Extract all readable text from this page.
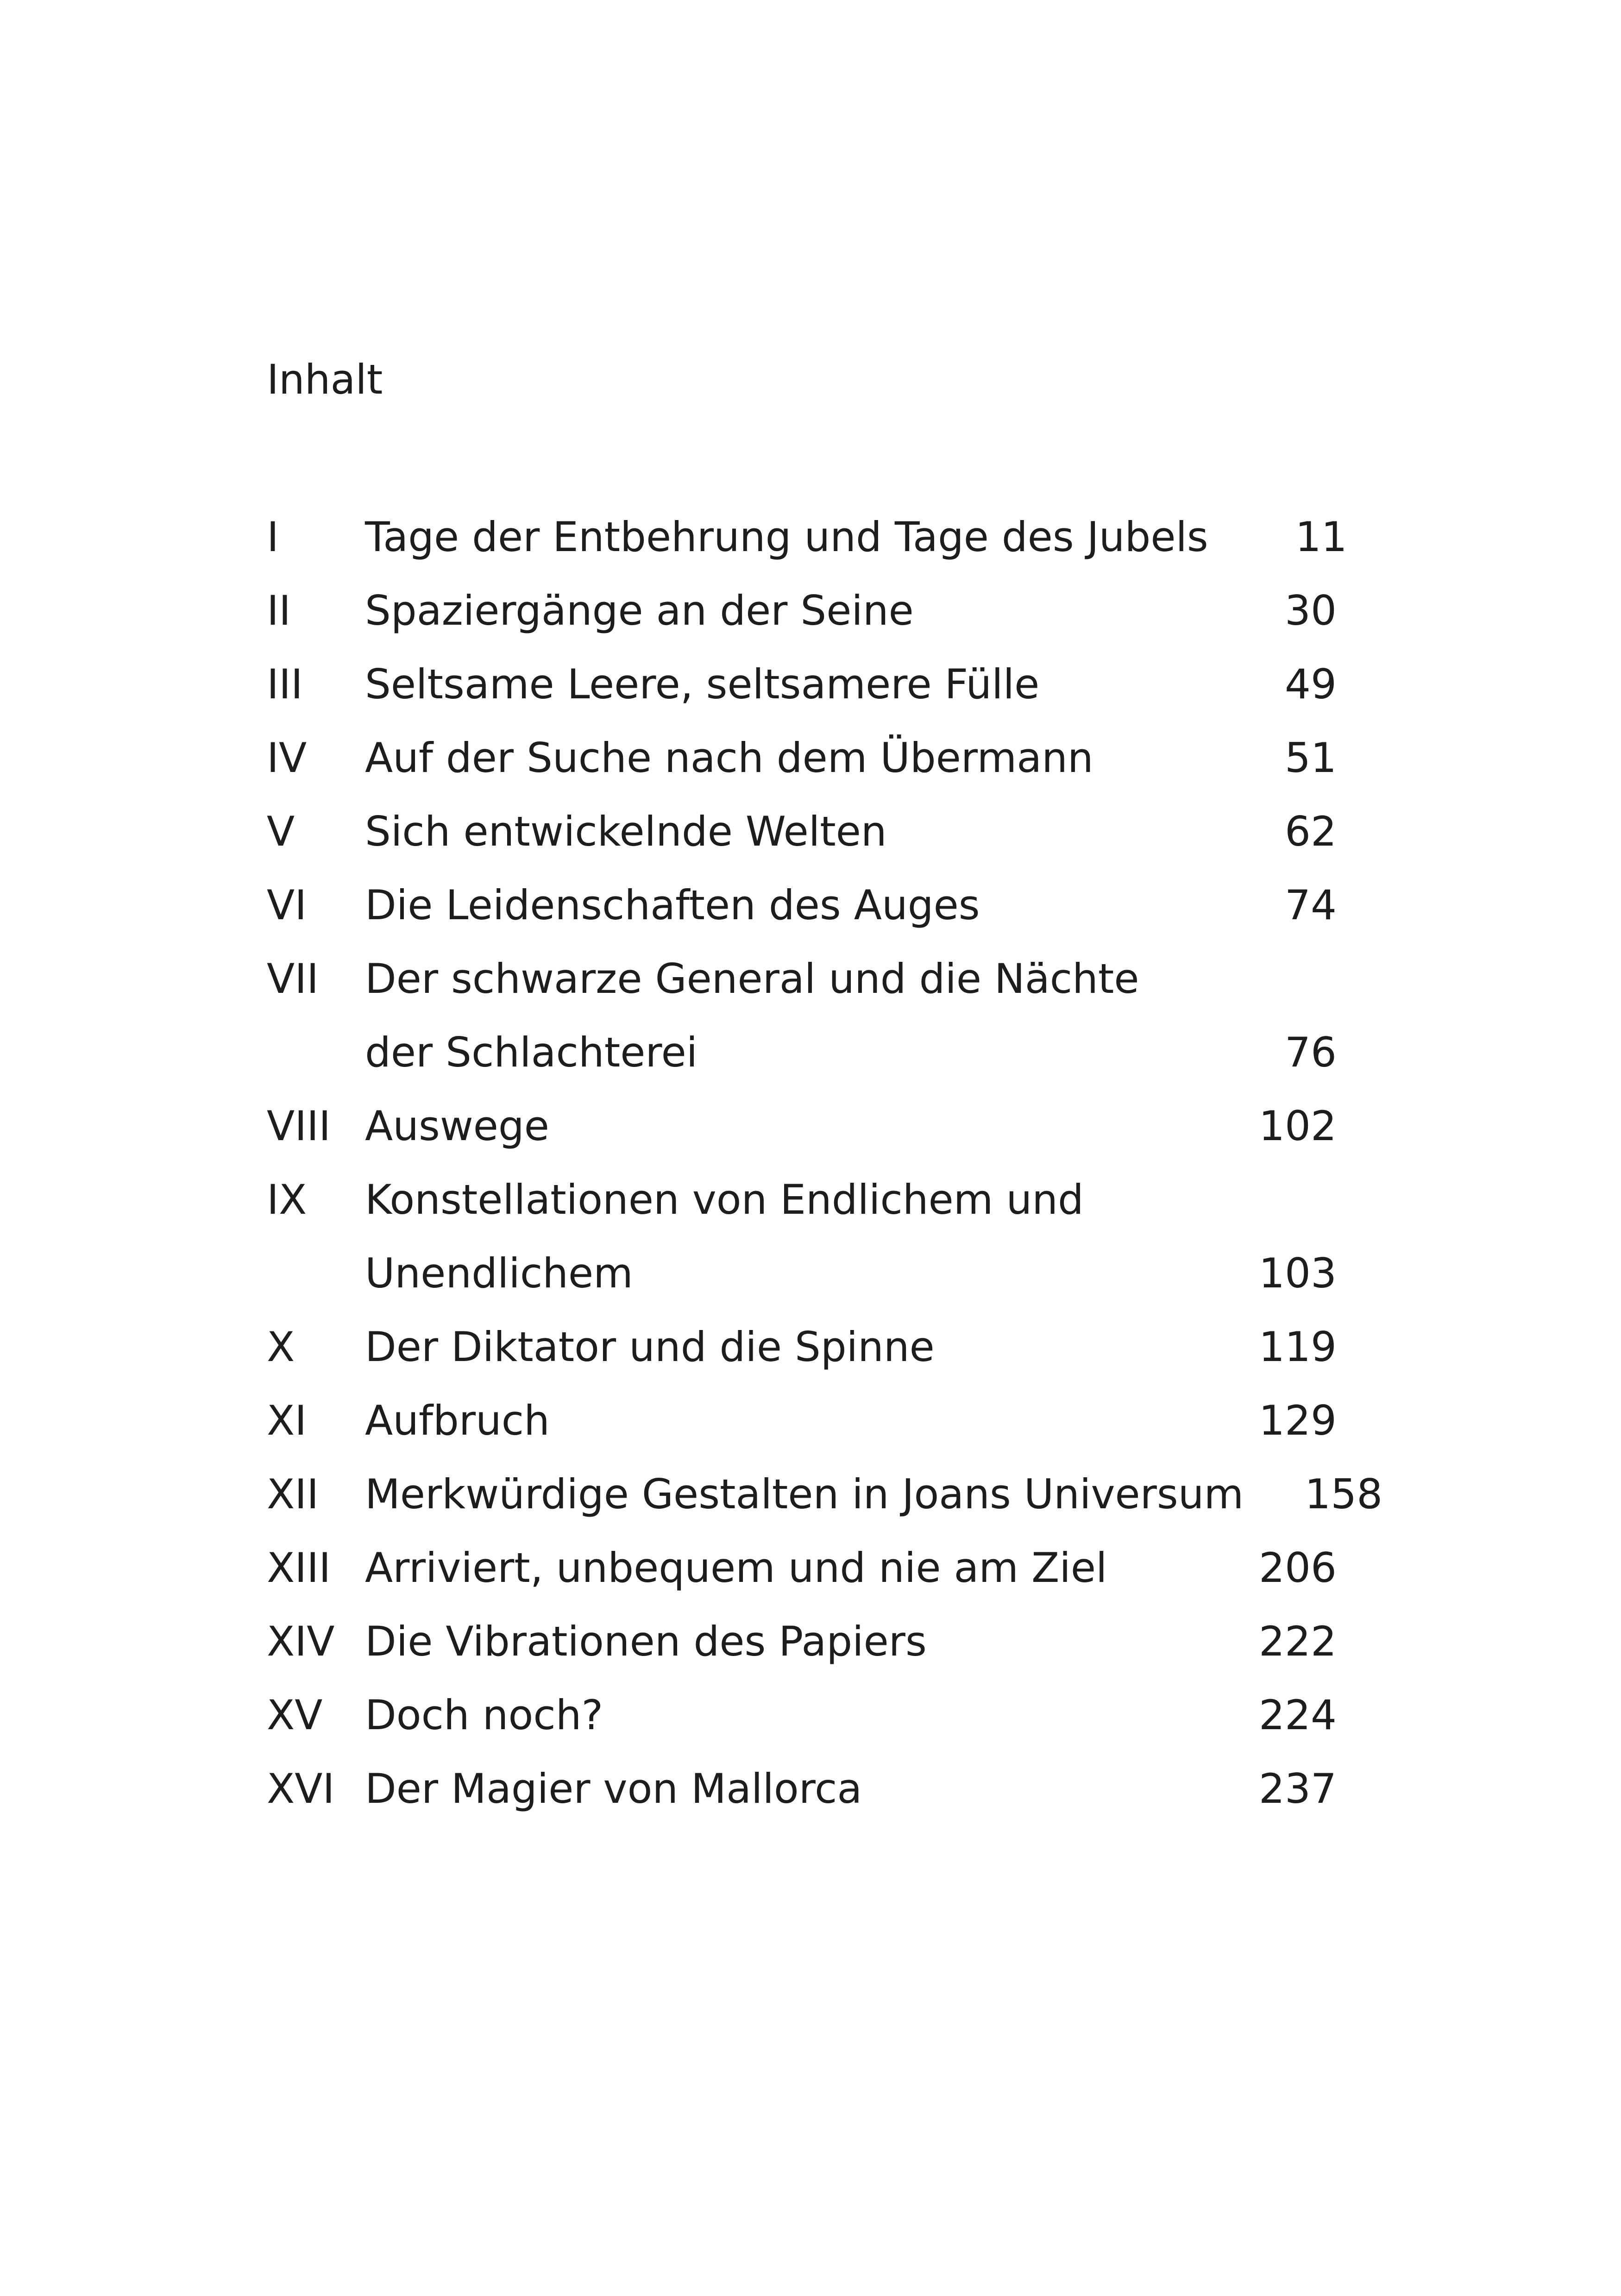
Inhalt
I	Tage der Entbehrung und Tage des Jubels	11
II	Spaziergänge an der Seine	30
III	Seltsame Leere, seltsamere Fülle	49
IV	Auf der Suche nach dem Übermann	51
V	Sich entwickelnde Welten	62
VI	Die Leidenschaften des Auges	74
VII	Der schwarze General und die Nächte
der Schlachterei	76
VIII Auswege	102
IX	Konstellationen von Endlichem und
Unendlichem	103
X	Der Diktator und die Spinne	119
XI	Aufbruch	129
XII	Merkwürdige Gestalten in Joans Universum	158
XIII Arriviert, unbequem und nie am Ziel	206
XIV Die Vibrationen des Papiers	222
XV	Doch noch?	224
XVI Der Magier von Mallorca	237
